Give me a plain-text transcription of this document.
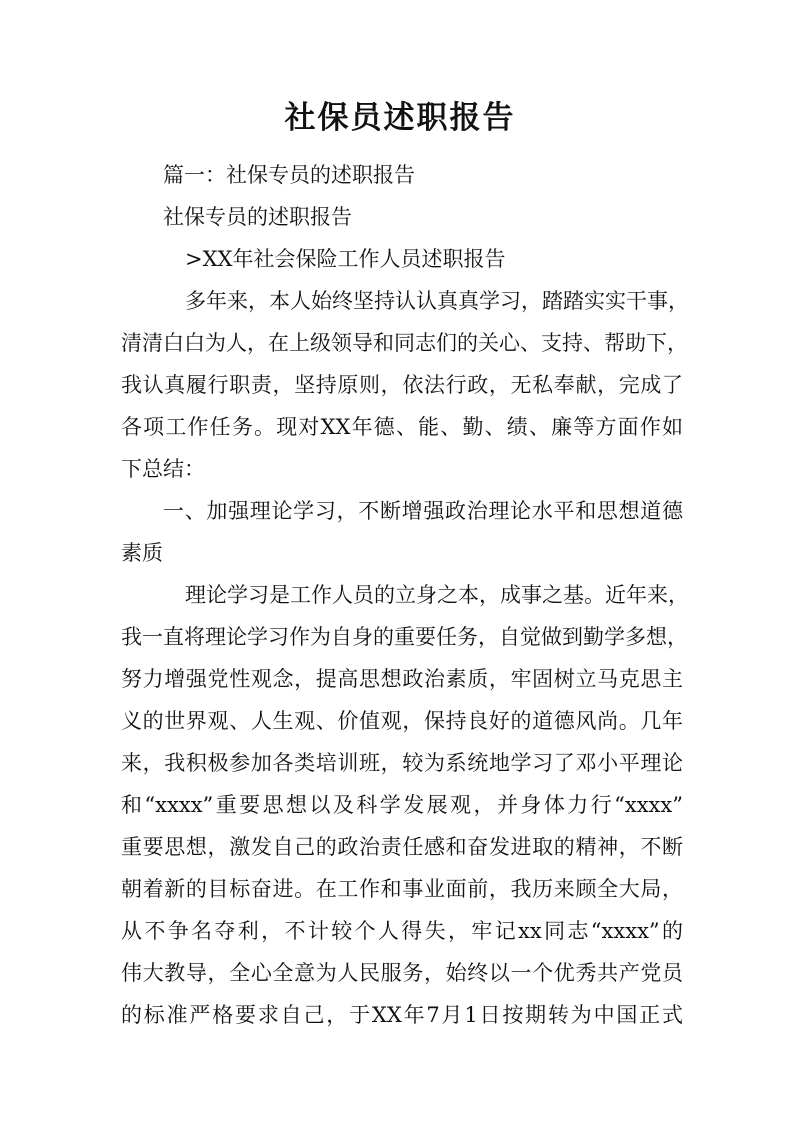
社保员述职报告
篇一：社保专员的述职报告
社保专员的述职报告
>XX年社会保险工作人员述职报告
多年来，本人始终坚持认认真真学习，踏踏实实干事，
清清白白为人，在上级领导和同志们的关心、支持、帮助下，
我认真履行职责，坚持原则，依法行政，无私奉献，完成了
各项工作任务。现对XX年德、能、勤、绩、廉等方面作如
下总结：
一、加强理论学习，不断增强政治理论水平和思想道德
素质
理论学习是工作人员的立身之本，成事之基。近年来，
我一直将理论学习作为自身的重要任务，自觉做到勤学多想，
努力增强党性观念，提高思想政治素质，牢固树立马克思主
义的世界观、人生观、价值观，保持良好的道德风尚。几年
来，我积极参加各类培训班，较为系统地学习了邓小平理论
和“xxxx”重要思想以及科学发展观，并身体力行“xxxx”
重要思想，激发自己的政治责任感和奋发进取的精神，不断
朝着新的目标奋进。在工作和事业面前，我历来顾全大局，
从不争名夺利，不计较个人得失，牢记xx同志“xxxx”的
伟大教导，全心全意为人民服务，始终以一个优秀共产党员
的标准严格要求自己，于XX年7月1日按期转为中国正式
